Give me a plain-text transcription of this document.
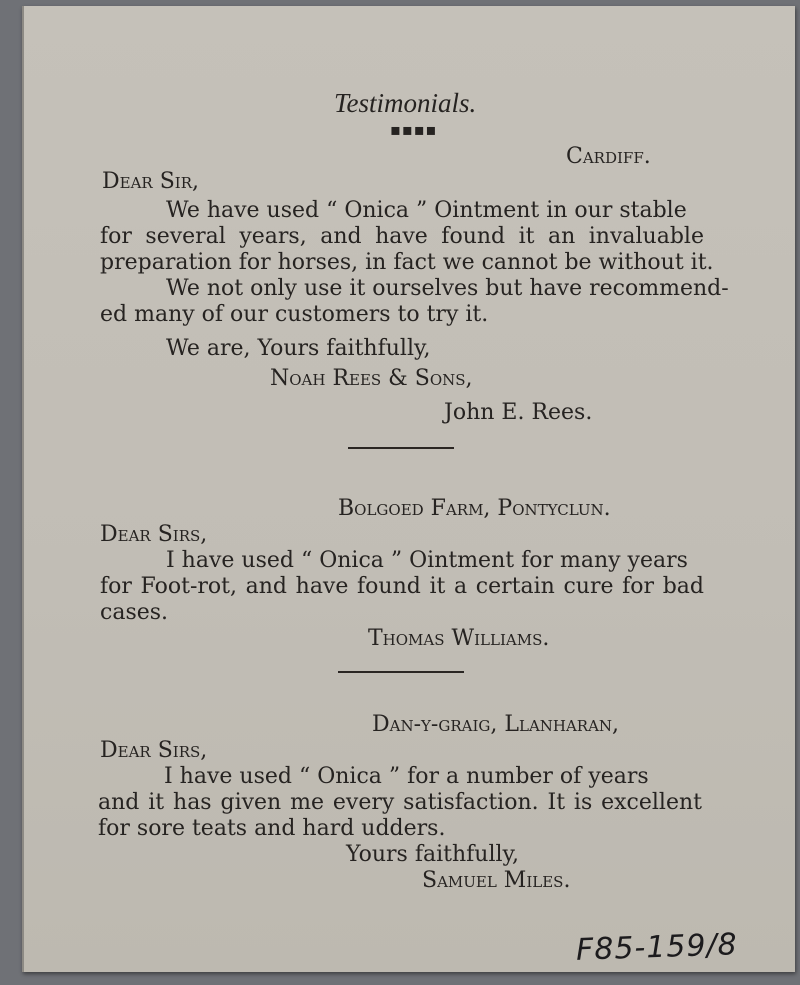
Testimonials.
▪▪▪▪
Cardiff.
Dear Sir,
We have used “ Onica ” Ointment in our stable
for several years, and have found it an invaluable
preparation for horses, in fact we cannot be without it.
We not only use it ourselves but have recommend-
ed many of our customers to try it.
We are, Yours faithfully,
Noah Rees & Sons,
John E. Rees.
Bolgoed Farm, Pontyclun.
Dear Sirs,
I have used “ Onica ” Ointment for many years
for Foot-rot, and have found it a certain cure for bad
cases.
Thomas Williams.
Dan-y-graig, Llanharan,
Dear Sirs,
I have used “ Onica ” for a number of years
and it has given me every satisfaction. It is excellent
for sore teats and hard udders.
Yours faithfully,
Samuel Miles.
F85-159/8
